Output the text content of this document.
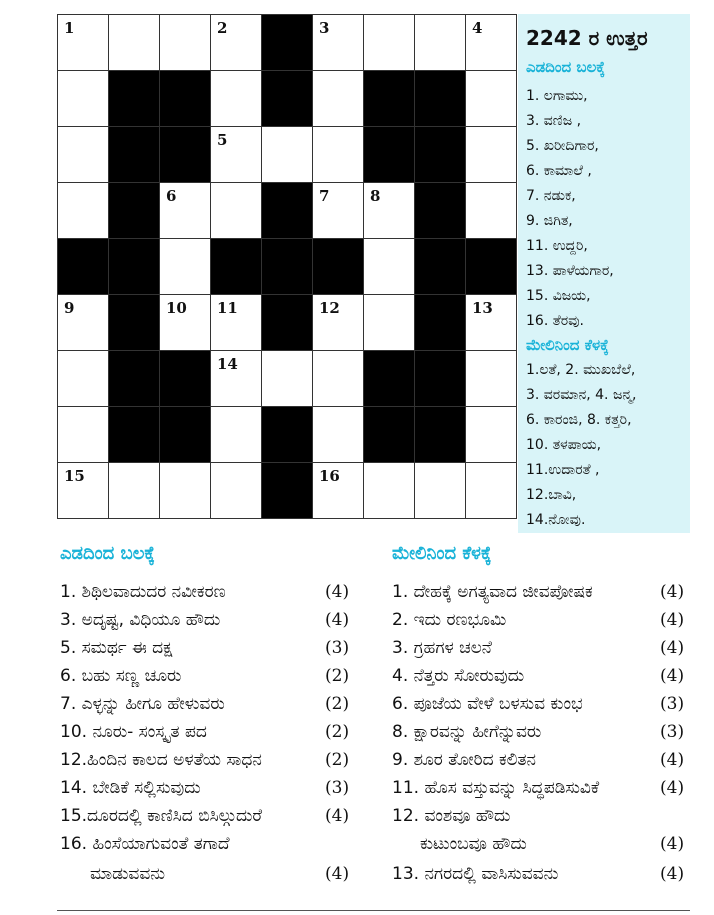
1			2		3			4

			5					

		6			7	8		

9		10	11		12			13

			14					

15					16			

2242 ರ ಉತ್ತರ
ಎಡದಿಂದ ಬಲಕ್ಕೆ
1. ಲಗಾಮು,
3. ವಣಿಜ ,
5. ಖರೀದಿಗಾರ,
6. ಕಾಮಾಲೆ ,
7. ನಡುಕ,
9. ಜಿಗಿತ,
11. ಉದ್ದರಿ,
13. ಪಾಳೆಯಗಾರ,
15. ವಿಜಯ,
16. ತೆರವು.
ಮೇಲಿನಿಂದ ಕೆಳಕ್ಕೆ
1.ಲತೆ, 2. ಮುಖಬೆಲೆ,
3. ವರಮಾನ, 4. ಜನ್ಮ,
6. ಕಾರಂಜಿ, 8. ಕತ್ತರಿ,
10. ತಳಪಾಯ,
11.ಉದಾರತೆ ,
12.ಬಾವಿ,
14.ನೋವು.
ಎಡದಿಂದ ಬಲಕ್ಕೆ
1. ಶಿಥಿಲವಾದುದರ ನವೀಕರಣ	(4)
3. ಅದೃಷ್ಟ, ವಿಧಿಯೂ ಹೌದು	(4)
5. ಸಮರ್ಥ ಈ ದಕ್ಷ	(3)
6. ಬಹು ಸಣ್ಣ ಚೂರು	(2)
7. ಎಳ್ಳನ್ನು ಹೀಗೂ ಹೇಳುವರು	(2)
10. ನೂರು- ಸಂಸ್ಕೃತ ಪದ	(2)
12.ಹಿಂದಿನ ಕಾಲದ ಅಳತೆಯ ಸಾಧನ	(2)
14. ಬೇಡಿಕೆ ಸಲ್ಲಿಸುವುದು	(3)
15.ದೂರದಲ್ಲಿ ಕಾಣಿಸಿದ ಬಿಸಿಲ್ಗುದುರೆ	(4)
16. ಹಿಂಸೆಯಾಗುವಂತೆ ತಗಾದೆ
ಮಾಡುವವನು	(4)
ಮೇಲಿನಿಂದ ಕೆಳಕ್ಕೆ
1. ದೇಹಕ್ಕೆ ಅಗತ್ಯವಾದ ಜೀವಪೋಷಕ	(4)
2. ಇದು ರಣಭೂಮಿ	(4)
3. ಗ್ರಹಗಳ ಚಲನೆ	(4)
4. ನೆತ್ತರು ಸೋರುವುದು	(4)
6. ಪೂಜೆಯ ವೇಳೆ ಬಳಸುವ ಕುಂಭ	(3)
8. ಕ್ಷಾರವನ್ನು ಹೀಗೆನ್ನುವರು	(3)
9. ಶೂರ ತೋರಿದ ಕಲಿತನ	(4)
11. ಹೊಸ ವಸ್ತುವನ್ನು ಸಿದ್ಧಪಡಿಸುವಿಕೆ	(4)
12. ವಂಶವೂ ಹೌದು
ಕುಟುಂಬವೂ ಹೌದು	(4)
13. ನಗರದಲ್ಲಿ ವಾಸಿಸುವವನು	(4)
